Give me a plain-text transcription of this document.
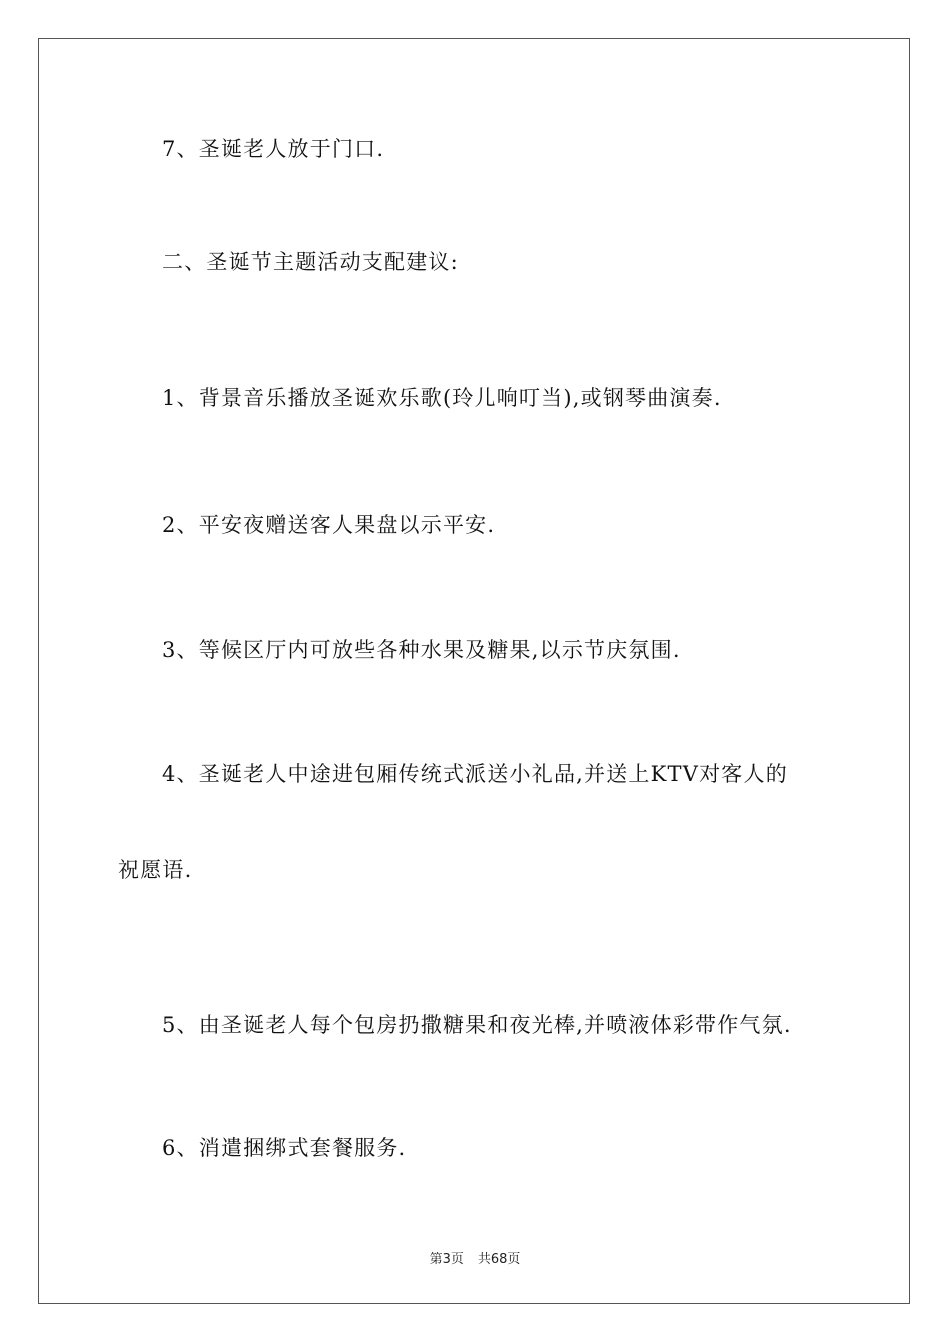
7、圣诞老人放于门口.
二、圣诞节主题活动支配建议:
1、背景音乐播放圣诞欢乐歌(玲儿响叮当),或钢琴曲演奏.
2、平安夜赠送客人果盘以示平安.
3、等候区厅内可放些各种水果及糖果,以示节庆氛围.
4、圣诞老人中途进包厢传统式派送小礼品,并送上KTV对客人的
祝愿语.
5、由圣诞老人每个包房扔撒糖果和夜光棒,并喷液体彩带作气氛.
6、消遣捆绑式套餐服务.
第3页 共68页
